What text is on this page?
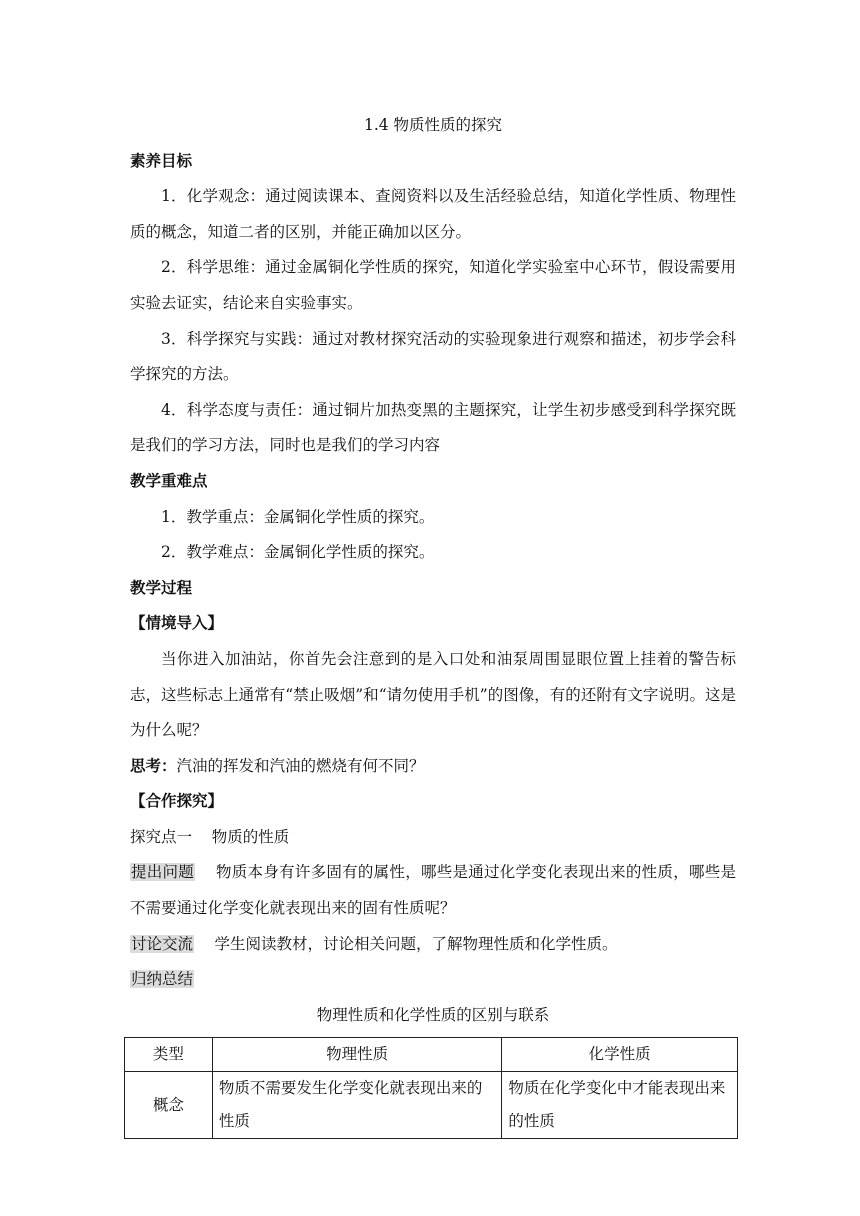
1.4 物质性质的探究

素养目标

1．化学观念：通过阅读课本、查阅资料以及生活经验总结，知道化学性质、物理性质的概念，知道二者的区别，并能正确加以区分。

2．科学思维：通过金属铜化学性质的探究，知道化学实验室中心环节，假设需要用实验去证实，结论来自实验事实。

3．科学探究与实践：通过对教材探究活动的实验现象进行观察和描述，初步学会科学探究的方法。

4．科学态度与责任：通过铜片加热变黑的主题探究，让学生初步感受到科学探究既是我们的学习方法，同时也是我们的学习内容

教学重难点

1．教学重点：金属铜化学性质的探究。

2．教学难点：金属铜化学性质的探究。

教学过程

【情境导入】

当你进入加油站，你首先会注意到的是入口处和油泵周围显眼位置上挂着的警告标志，这些标志上通常有“禁止吸烟”和“请勿使用手机”的图像，有的还附有文字说明。这是为什么呢？

思考：汽油的挥发和汽油的燃烧有何不同？

【合作探究】

探究点一    物质的性质

提出问题　 物质本身有许多固有的属性，哪些是通过化学变化表现出来的性质，哪些是不需要通过化学变化就表现出来的固有性质呢？

讨论交流　 学生阅读教材，讨论相关问题，了解物理性质和化学性质。

归纳总结

物理性质和化学性质的区别与联系

类型	物理性质	化学性质
概念	物质不需要发生化学变化就表现出来的性质	物质在化学变化中才能表现出来的性质
